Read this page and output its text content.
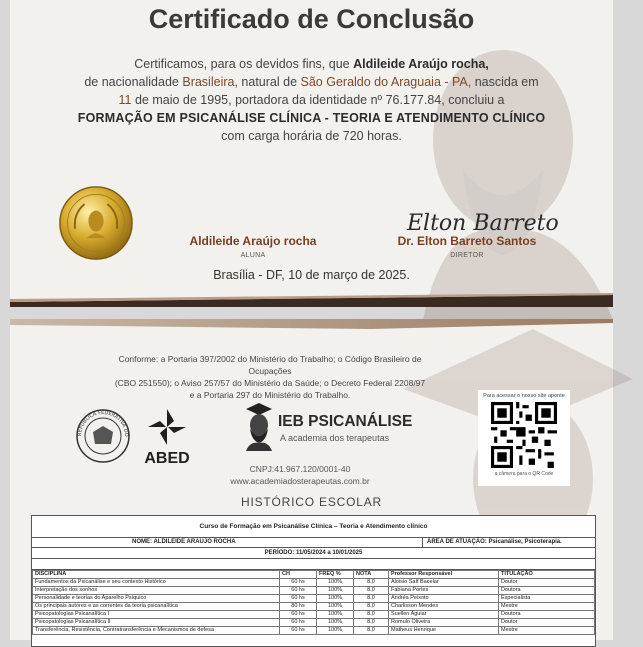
Certificado de Conclusão
Certificamos, para os devidos fins, que Aldileide Araújo rocha,
de nacionalidade Brasileira, natural de São Geraldo do Araguaia - PA, nascida em
11 de maio de 1995, portadora da identidade nº 76.177.84, concluiu a
FORMAÇÃO EM PSICANÁLISE CLÍNICA - TEORIA E ATENDIMENTO CLÍNICO
com carga horária de 720 horas.
Aldileide Araújo rocha
ALUNA
Elton Barreto
Dr. Elton Barreto Santos
DIRETOR
Brasília - DF, 10 de março de 2025.
Conforme: a Portaria 397/2002 do Ministério do Trabalho; o Código Brasileiro de Ocupações
(CBO 251550); o Aviso 257/57 do Ministério da Saúde; o Decreto Federal 2208/97
e a Portaria 297 do Ministério do Trabalho.
REPÚBLICA FEDERATIVA DO
ABED
IEB PSICANÁLISE
A academia dos terapeutas
CNPJ:41.967.120/0001-40
www.academiadosterapeutas.com.br
Para acessar o nosso site aponte
a câmera para o QR Code
HISTÓRICO ESCOLAR
Curso de Formação em Psicanálise Clínica – Teoria e Atendimento clínico
NOME: ALDILEIDE ARAUJO ROCHA	ÁREA DE ATUAÇÃO: Psicanálise, Psicoterapia.
PERÍODO: 11/05/2024 a 10/01/2025
DISCIPLINA	CH	FREQ %	NOTA	Professor Responsável	TITULAÇÃO
Fundamentos da Psicanálise e seu contexto Histórico	60 hs	100%	8,0	Aloisio Saíf Bacelar	Doutor
Interpretação dos sonhos	60 hs	100%	8,0	Fabiana Portes	Doutora
Personalidade e teorias do Aparelho Psíquico	60 hs	100%	8,0	Andréa Peixoto	Especialista
Os principais autores e as correntes da teoria psicanalítica	80 hs	100%	8,0	Charlisson Mendes	Mestre
Psicopatologias Psicanalítica I	60 hs	100%	8,0	Suellen Aguiar	Doutora
Psicopatologias Psicanalítica II	60 hs	100%	8,0	Romulo Oliveira	Doutor
Transferência, Resistência, Contratransferência e Mecanismos de defesa	60 hs	100%	8,0	Matheus Henrique	Mestre
